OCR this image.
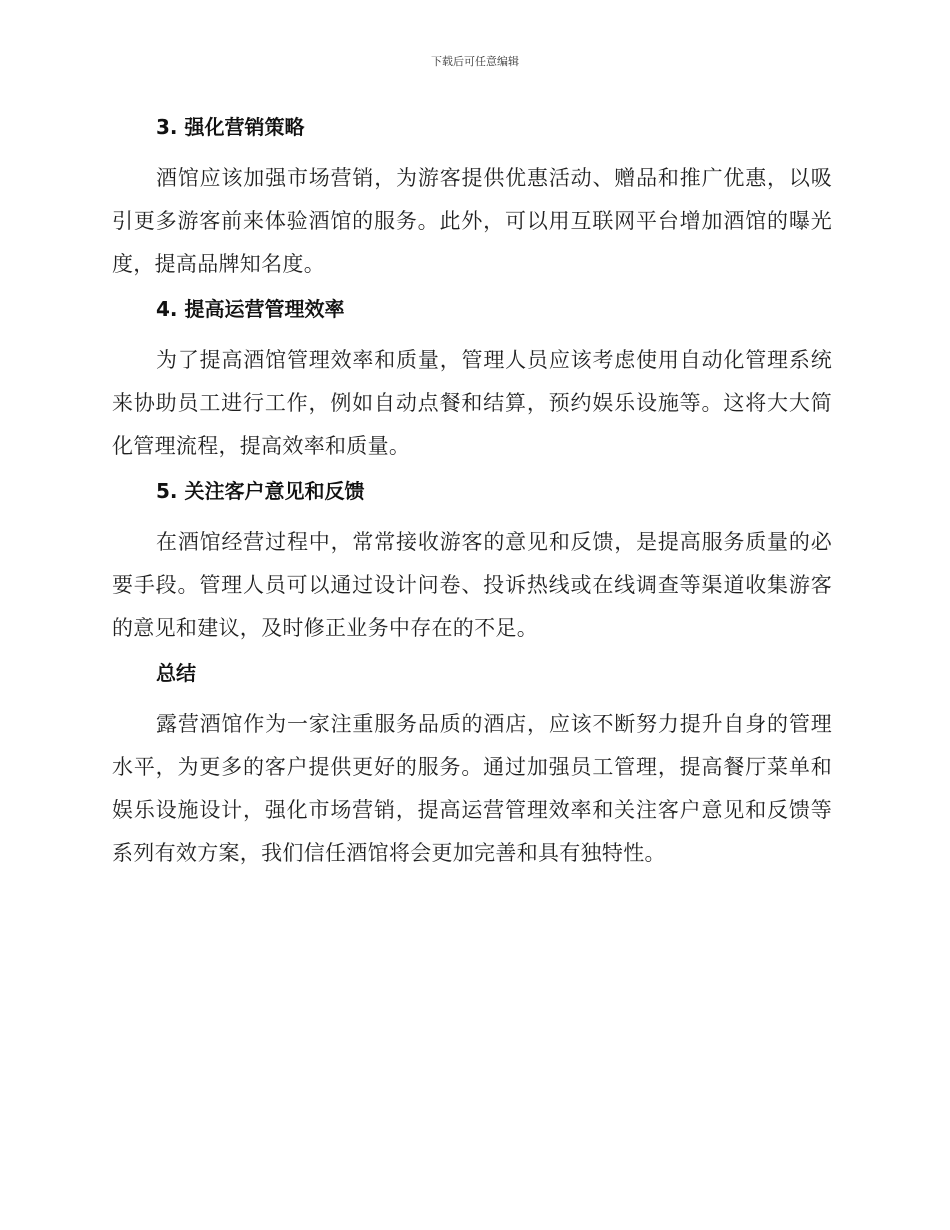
下载后可任意编辑
3. 强化营销策略

酒馆应该加强市场营销，为游客提供优惠活动、赠品和推广优惠，以吸引更多游客前来体验酒馆的服务。此外，可以用互联网平台增加酒馆的曝光度，提高品牌知名度。

4. 提高运营管理效率

为了提高酒馆管理效率和质量，管理人员应该考虑使用自动化管理系统来协助员工进行工作，例如自动点餐和结算，预约娱乐设施等。这将大大简化管理流程，提高效率和质量。

5. 关注客户意见和反馈

在酒馆经营过程中，常常接收游客的意见和反馈，是提高服务质量的必要手段。管理人员可以通过设计问卷、投诉热线或在线调查等渠道收集游客的意见和建议，及时修正业务中存在的不足。

总结

露营酒馆作为一家注重服务品质的酒店，应该不断努力提升自身的管理水平，为更多的客户提供更好的服务。通过加强员工管理，提高餐厅菜单和娱乐设施设计，强化市场营销，提高运营管理效率和关注客户意见和反馈等系列有效方案，我们信任酒馆将会更加完善和具有独特性。
